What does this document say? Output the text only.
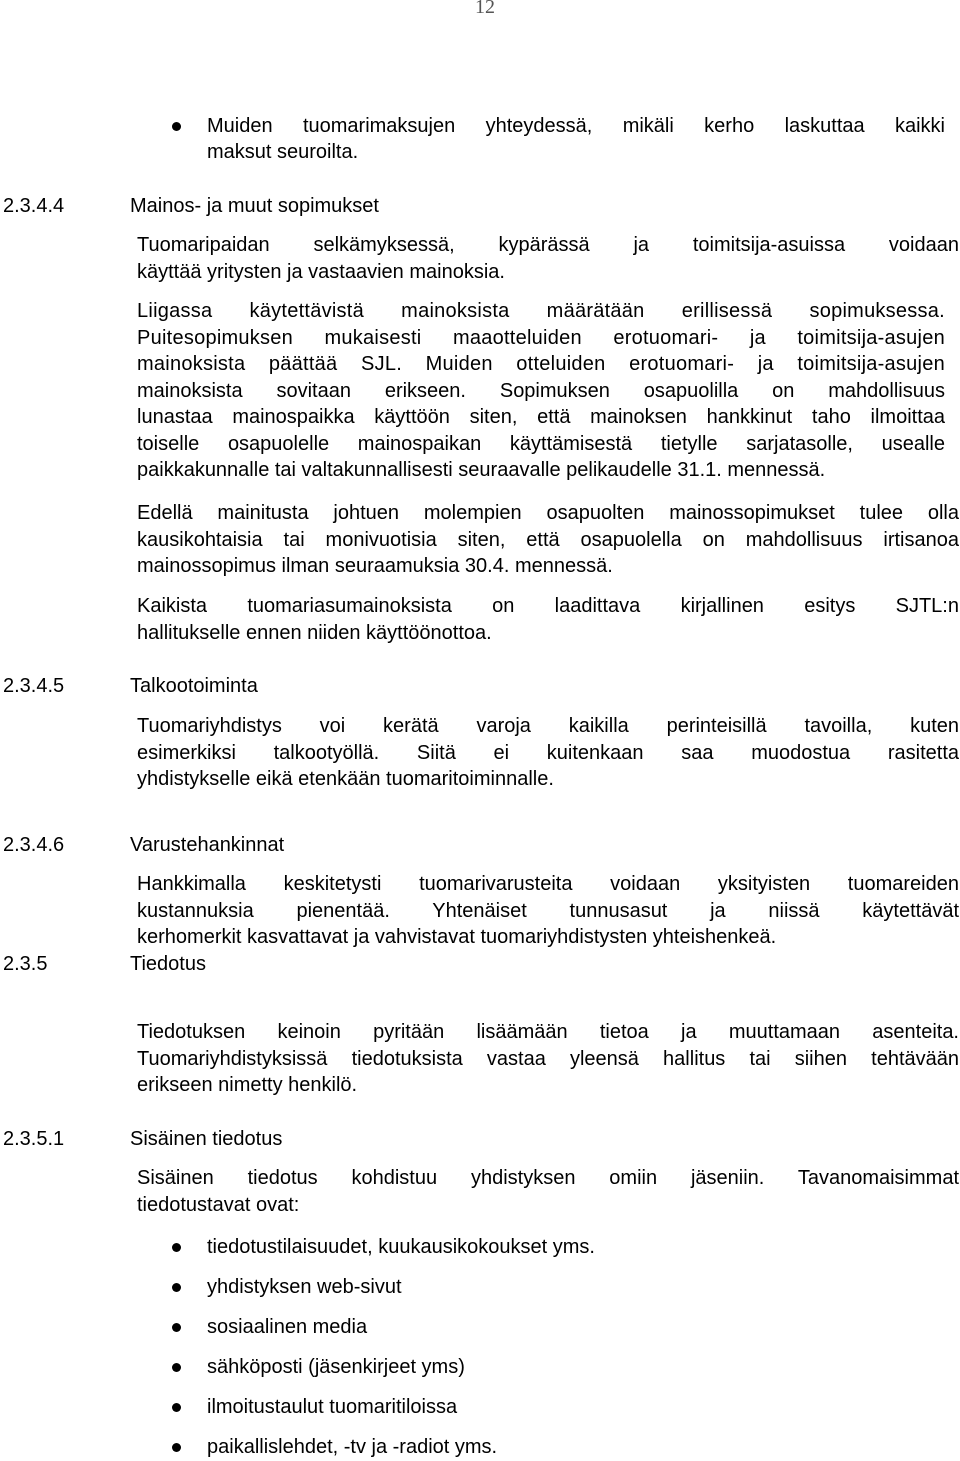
12
Muiden tuomarimaksujen yhteydessä, mikäli kerho laskuttaa kaikki
maksut seuroilta.
2.3.4.4	Mainos- ja muut sopimukset
Tuomaripaidan selkämyksessä, kypärässä ja toimitsija-asuissa voidaan
käyttää yritysten ja vastaavien mainoksia.
Liigassa käytettävistä mainoksista määrätään erillisessä sopimuksessa.
Puitesopimuksen mukaisesti maaotteluiden erotuomari- ja toimitsija-asujen
mainoksista päättää SJL. Muiden otteluiden erotuomari- ja toimitsija-asujen
mainoksista sovitaan erikseen. Sopimuksen osapuolilla on mahdollisuus
lunastaa mainospaikka käyttöön siten, että mainoksen hankkinut taho ilmoittaa
toiselle osapuolelle mainospaikan käyttämisestä tietylle sarjatasolle, usealle
paikkakunnalle tai valtakunnallisesti seuraavalle pelikaudelle 31.1. mennessä.
Edellä mainitusta johtuen molempien osapuolten mainossopimukset tulee olla
kausikohtaisia tai monivuotisia siten, että osapuolella on mahdollisuus irtisanoa
mainossopimus ilman seuraamuksia 30.4. mennessä.
Kaikista tuomariasumainoksista on laadittava kirjallinen esitys SJTL:n
hallitukselle ennen niiden käyttöönottoa.
2.3.4.5	Talkootoiminta
Tuomariyhdistys voi kerätä varoja kaikilla perinteisillä tavoilla, kuten
esimerkiksi talkootyöllä. Siitä ei kuitenkaan saa muodostua rasitetta
yhdistykselle eikä etenkään tuomaritoiminnalle.
2.3.4.6	Varustehankinnat
Hankkimalla keskitetysti tuomarivarusteita voidaan yksityisten tuomareiden
kustannuksia pienentää. Yhtenäiset tunnusasut ja niissä käytettävät
kerhomerkit kasvattavat ja vahvistavat tuomariyhdistysten yhteishenkeä.
2.3.5	Tiedotus
Tiedotuksen keinoin pyritään lisäämään tietoa ja muuttamaan asenteita.
Tuomariyhdistyksissä tiedotuksista vastaa yleensä hallitus tai siihen tehtävään
erikseen nimetty henkilö.
2.3.5.1	Sisäinen tiedotus
Sisäinen tiedotus kohdistuu yhdistyksen omiin jäseniin. Tavanomaisimmat
tiedotustavat ovat:
tiedotustilaisuudet, kuukausikokoukset yms.
yhdistyksen web-sivut
sosiaalinen media
sähköposti (jäsenkirjeet yms)
ilmoitustaulut tuomaritiloissa
paikallislehdet, -tv ja -radiot yms.
